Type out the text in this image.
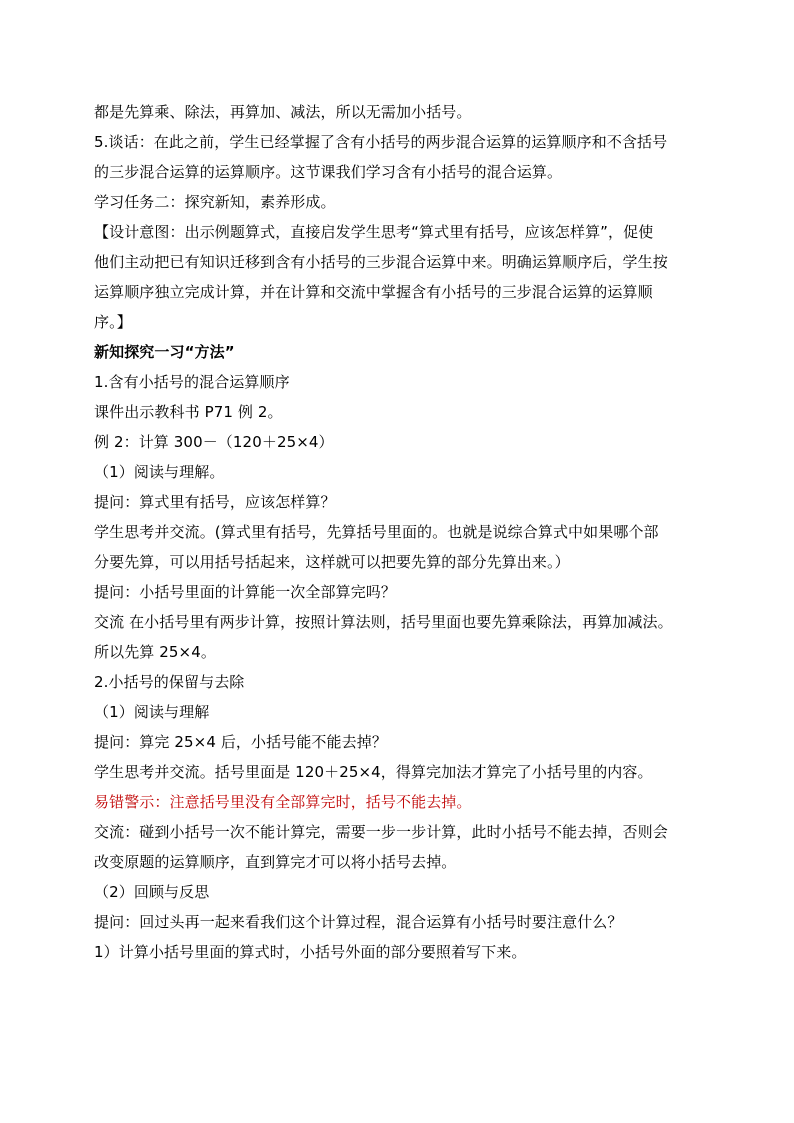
都是先算乘、除法，再算加、减法，所以无需加小括号。
5.谈话：在此之前，学生已经掌握了含有小括号的两步混合运算的运算顺序和不含括号
的三步混合运算的运算顺序。这节课我们学习含有小括号的混合运算。
学习任务二：探究新知，素养形成。
【设计意图：出示例题算式，直接启发学生思考“算式里有括号，应该怎样算”，促使
他们主动把已有知识迁移到含有小括号的三步混合运算中来。明确运算顺序后，学生按
运算顺序独立完成计算，并在计算和交流中掌握含有小括号的三步混合运算的运算顺
序。】
新知探究一习“方法”
1.含有小括号的混合运算顺序
课件出示教科书 P71 例 2。
例 2：计算 300－（120＋25×4）
（1）阅读与理解。
提问：算式里有括号，应该怎样算？
学生思考并交流。(算式里有括号，先算括号里面的。也就是说综合算式中如果哪个部
分要先算，可以用括号括起来，这样就可以把要先算的部分先算出来。）
提问：小括号里面的计算能一次全部算完吗？
交流 在小括号里有两步计算，按照计算法则，括号里面也要先算乘除法，再算加减法。
所以先算 25×4。
2.小括号的保留与去除
（1）阅读与理解
提问：算完 25×4 后，小括号能不能去掉？
学生思考并交流。括号里面是 120＋25×4，得算完加法才算完了小括号里的内容。
易错警示：注意括号里没有全部算完时，括号不能去掉。
交流：碰到小括号一次不能计算完，需要一步一步计算，此时小括号不能去掉，否则会
改变原题的运算顺序，直到算完才可以将小括号去掉。
（2）回顾与反思
提问：回过头再一起来看我们这个计算过程，混合运算有小括号时要注意什么？
1）计算小括号里面的算式时，小括号外面的部分要照着写下来。
